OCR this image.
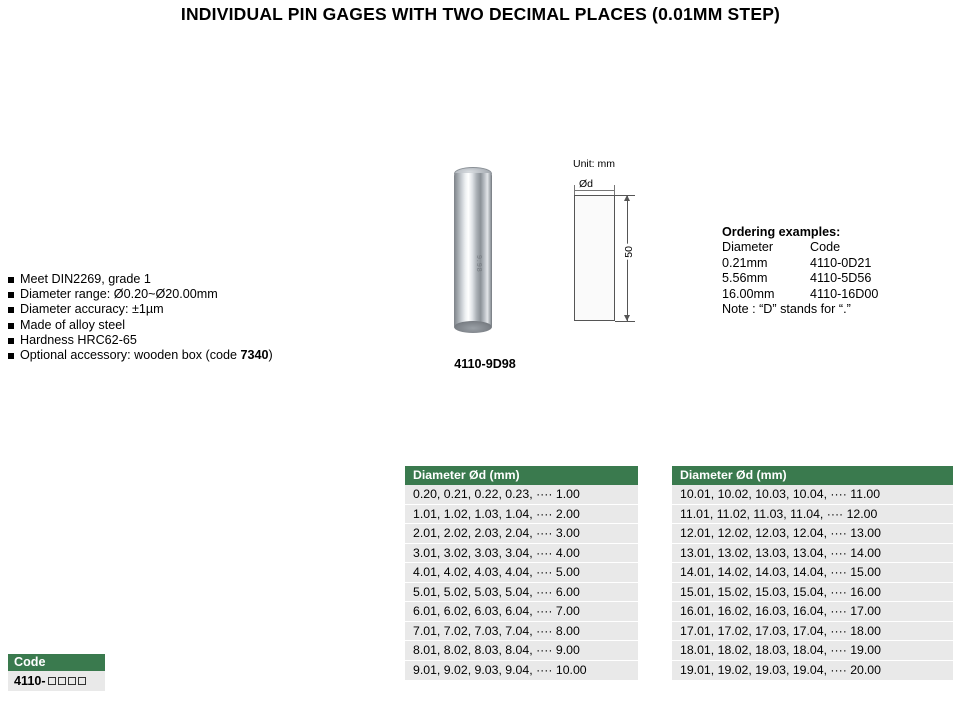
INDIVIDUAL PIN GAGES WITH TWO DECIMAL PLACES (0.01MM STEP)
Meet DIN2269, grade 1
Diameter range: Ø0.20~Ø20.00mm
Diameter accuracy: ±1µm
Made of alloy steel
Hardness HRC62-65
Optional accessory: wooden box (code 7340)
9.98
4110-9D98
Unit: mm
Ød
50
Ordering examples:
Diameter	Code
0.21mm	4110-0D21
5.56mm	4110-5D56
16.00mm	4110-16D00
Note : “D” stands for “.”
Code
4110-
Diameter Ød (mm)
0.20, 0.21, 0.22, 0.23, ···· 1.00
1.01, 1.02, 1.03, 1.04, ···· 2.00
2.01, 2.02, 2.03, 2.04, ···· 3.00
3.01, 3.02, 3.03, 3.04, ···· 4.00
4.01, 4.02, 4.03, 4.04, ···· 5.00
5.01, 5.02, 5.03, 5.04, ···· 6.00
6.01, 6.02, 6.03, 6.04, ···· 7.00
7.01, 7.02, 7.03, 7.04, ···· 8.00
8.01, 8.02, 8.03, 8.04, ···· 9.00
9.01, 9.02, 9.03, 9.04, ···· 10.00
Diameter Ød (mm)
10.01, 10.02, 10.03, 10.04, ···· 11.00
11.01, 11.02, 11.03, 11.04, ···· 12.00
12.01, 12.02, 12.03, 12.04, ···· 13.00
13.01, 13.02, 13.03, 13.04, ···· 14.00
14.01, 14.02, 14.03, 14.04, ···· 15.00
15.01, 15.02, 15.03, 15.04, ···· 16.00
16.01, 16.02, 16.03, 16.04, ···· 17.00
17.01, 17.02, 17.03, 17.04, ···· 18.00
18.01, 18.02, 18.03, 18.04, ···· 19.00
19.01, 19.02, 19.03, 19.04, ···· 20.00
